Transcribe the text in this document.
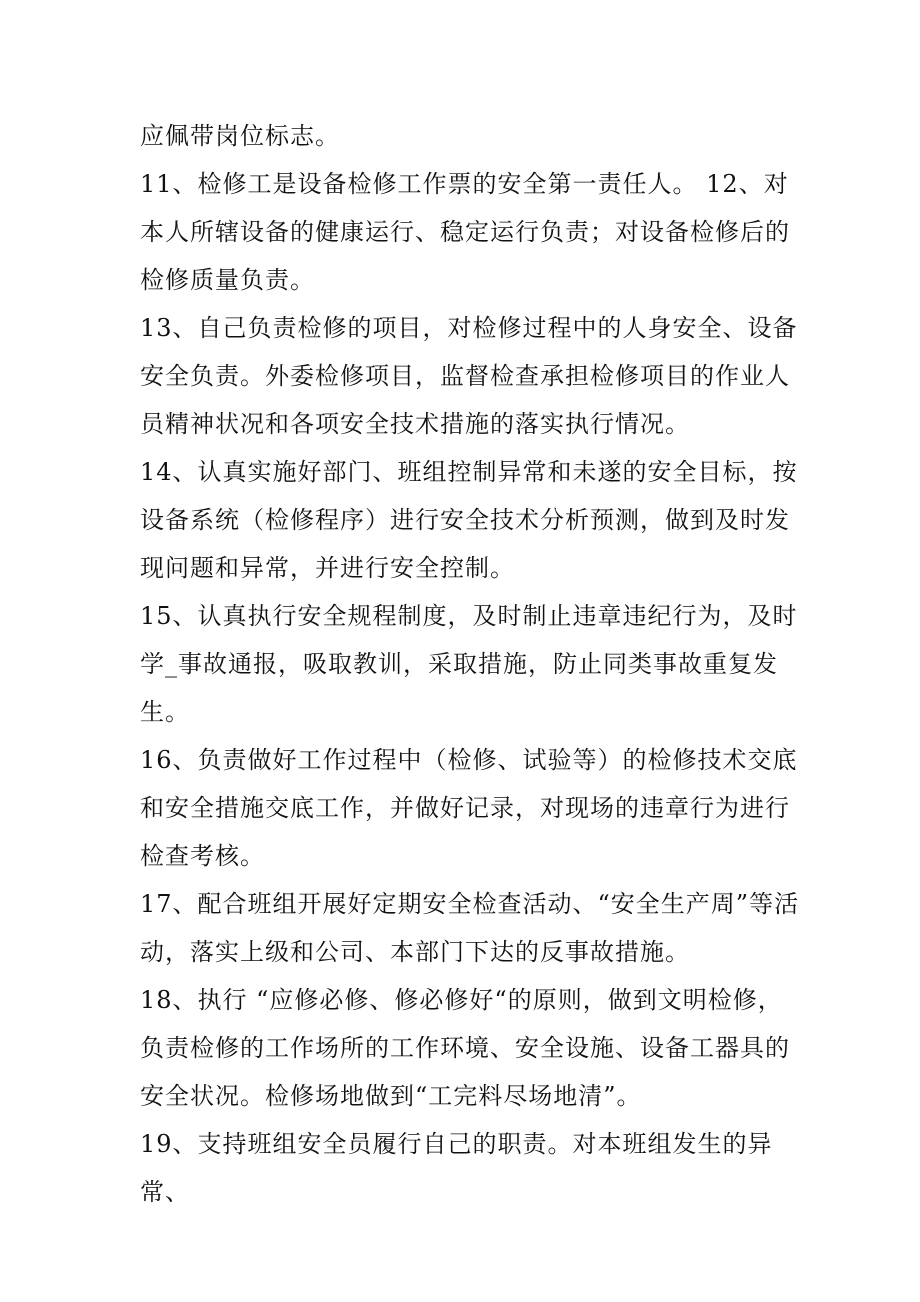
应佩带岗位标志。

11、检修工是设备检修工作票的安全第一责任人。 12、对本人所辖设备的健康运行、稳定运行负责；对设备检修后的检修质量负责。

13、自己负责检修的项目，对检修过程中的人身安全、设备安全负责。外委检修项目，监督检查承担检修项目的作业人员精神状况和各项安全技术措施的落实执行情况。

14、认真实施好部门、班组控制异常和未遂的安全目标，按设备系统（检修程序）进行安全技术分析预测，做到及时发现问题和异常，并进行安全控制。

15、认真执行安全规程制度，及时制止违章违纪行为，及时学_事故通报，吸取教训，采取措施，防止同类事故重复发生。

16、负责做好工作过程中（检修、试验等）的检修技术交底和安全措施交底工作，并做好记录，对现场的违章行为进行检查考核。

17、配合班组开展好定期安全检查活动、“安全生产周”等活动，落实上级和公司、本部门下达的反事故措施。

18、执行 “应修必修、修必修好“的原则，做到文明检修，负责检修的工作场所的工作环境、安全设施、设备工器具的安全状况。检修场地做到“工完料尽场地清”。

19、支持班组安全员履行自己的职责。对本班组发生的异常、
